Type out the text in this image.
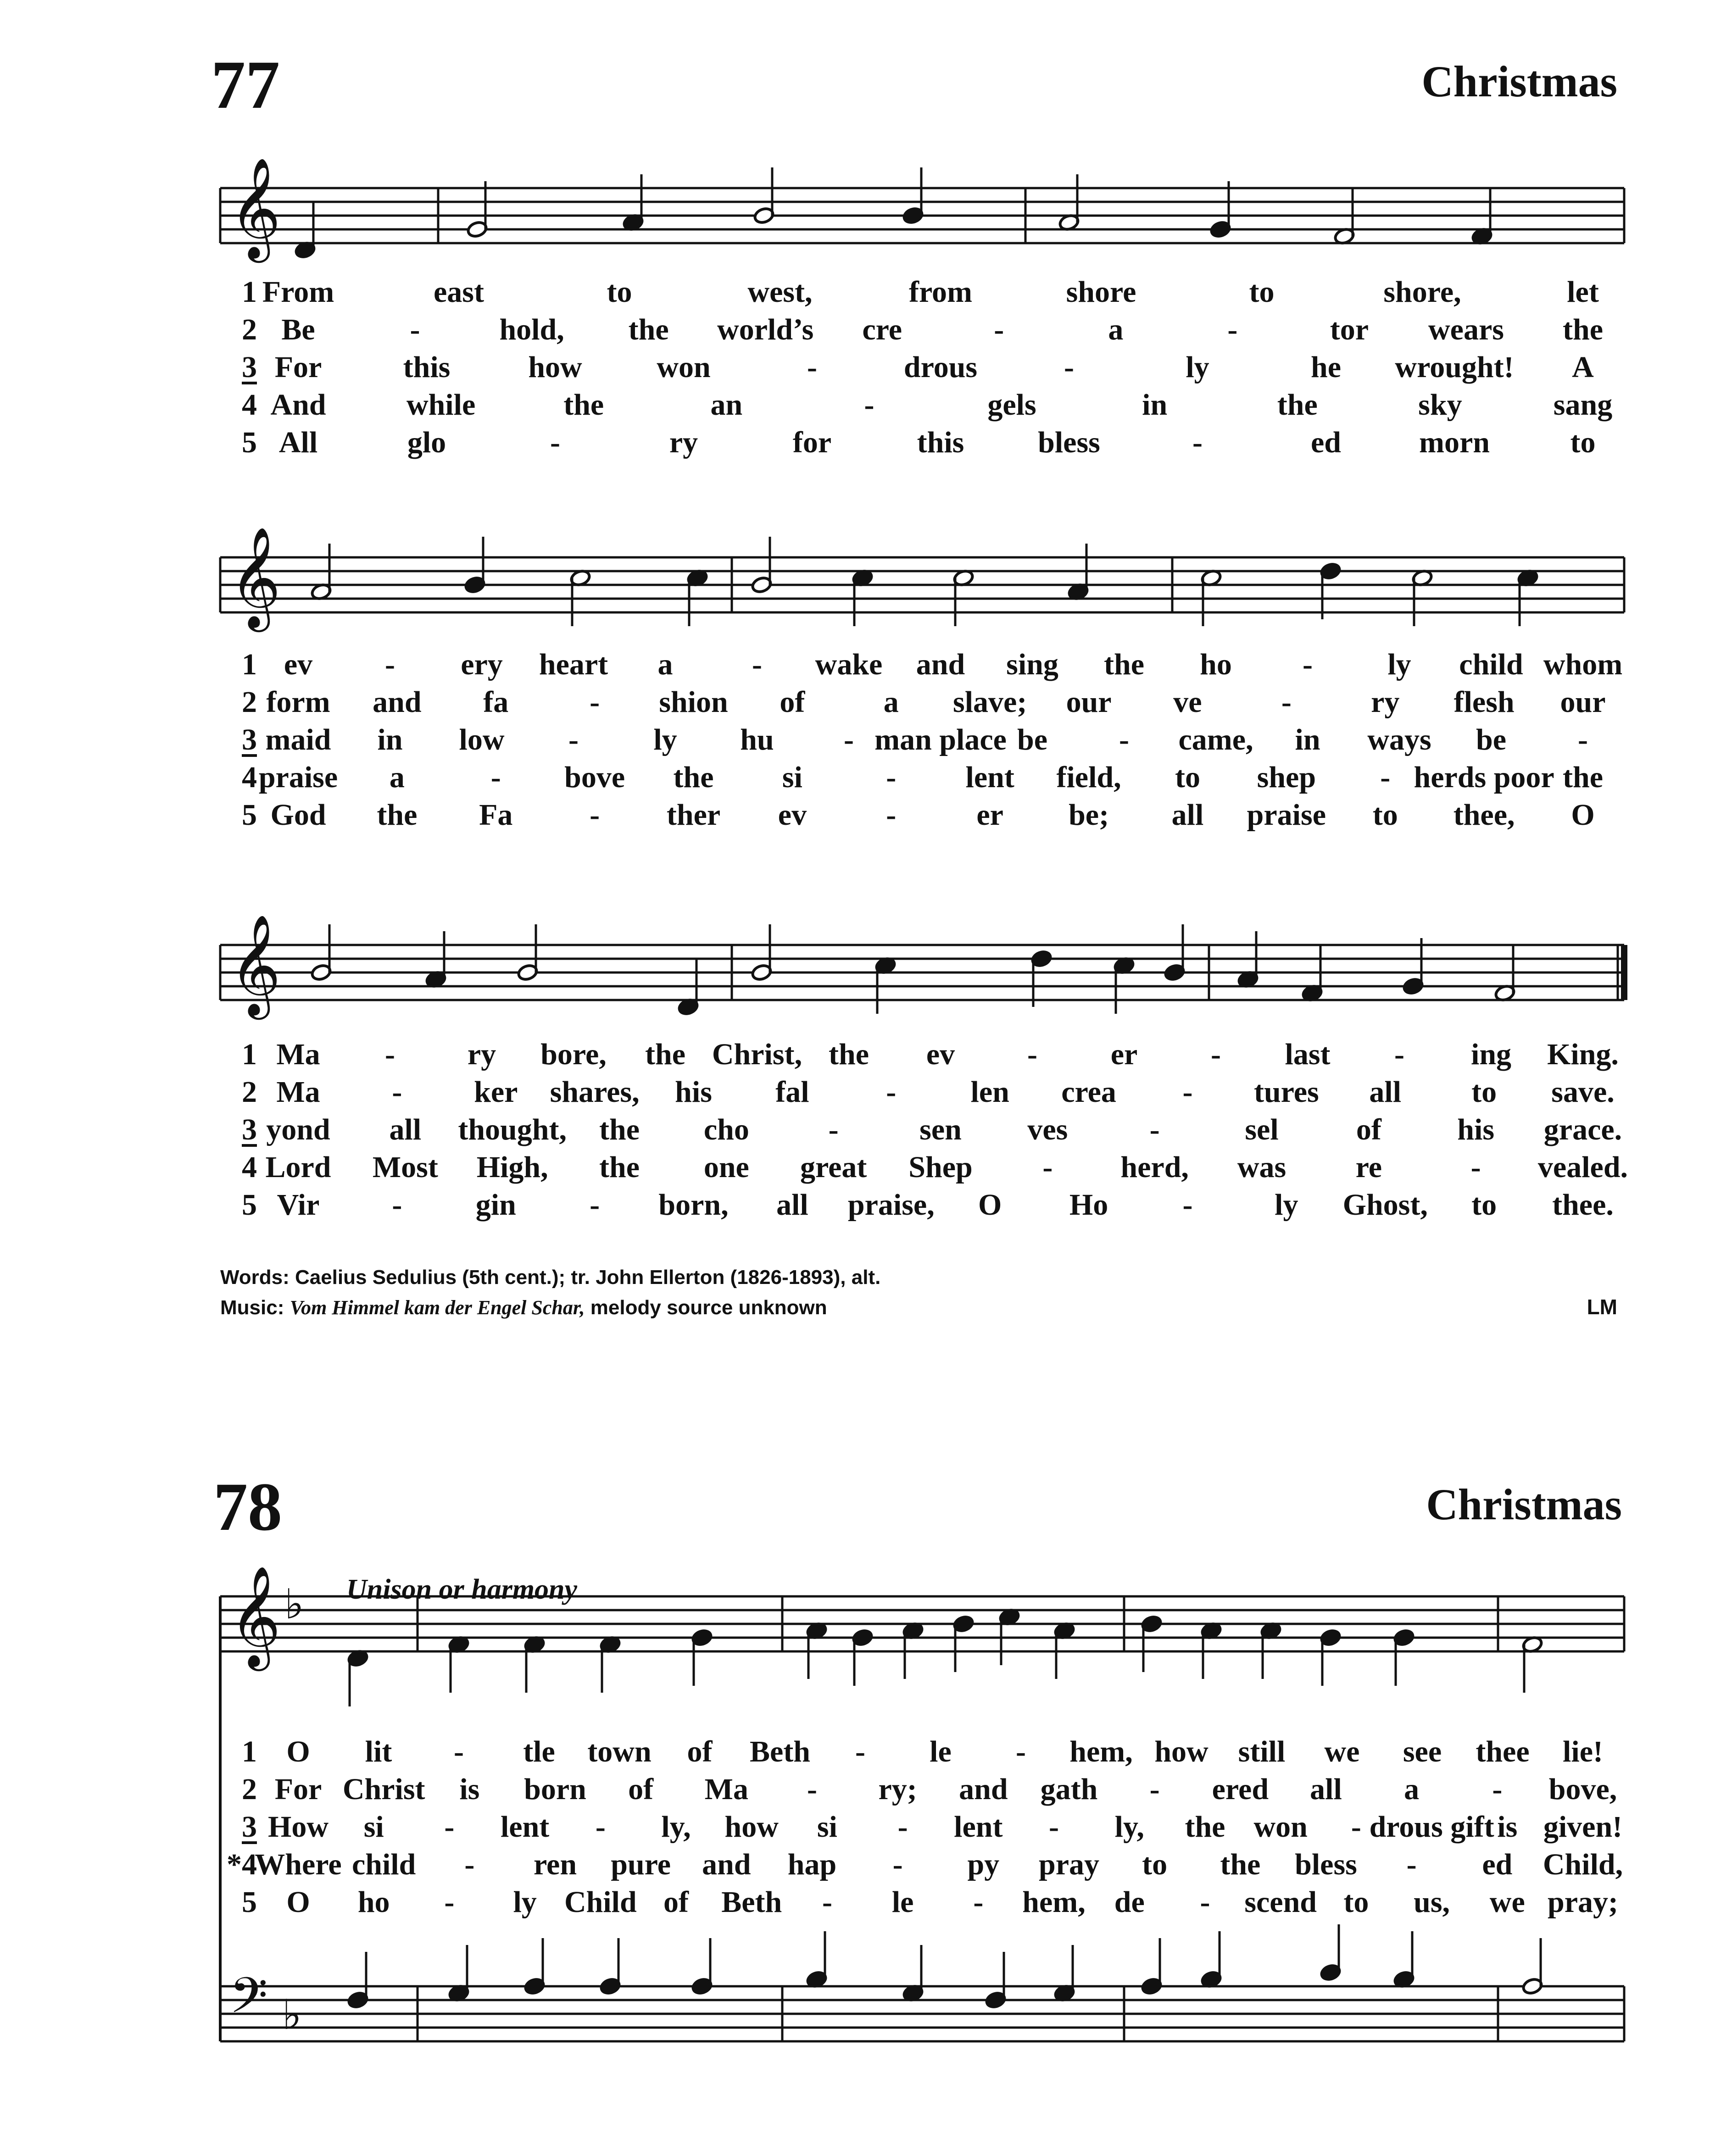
77	Christmas
𝄞
𝄞
𝄞
𝄞 ♭
𝄢 ♭
1 From	east	to	west,	from	shore	to	shore,	let
2 Be	-	hold, the world’s cre	-	a	-	tor wears the
3 For	this	how won	-	drous	-	ly	he wrought! A
4 And	while	the	an	-	gels	in	the	sky	sang
5 All	glo	-	ry	for	this bless	-	ed	morn	to
1 ev - ery heart a	- wake and sing the ho - ly child whom
2 form and fa	- shion of	a slave; our ve	-	ry flesh our
3 maid in low - ly hu - man place be - came, in ways be -
4 praise a	- bove the si	- lent field, to shep - herds poor the
5 God the Fa	- ther ev	-	er be; all praise to thee, O
1 Ma - ry bore, the Christ, the ev - er - last - ing King.
2 Ma - ker shares, his fal	- len crea - tures all to save.
3 yond all thought, the cho	-	sen ves	-	sel	of	his grace.
4 Lord Most High, the one great Shep - herd, was re	- vealed.
5 Vir - gin - born, all praise, O Ho -	ly Ghost, to thee.
Words: Caelius Sedulius (5th cent.); tr. John Ellerton (1826-1893), alt.
Music: Vom Himmel kam der Engel Schar, melody source unknown	LM
78	Christmas
Unison or harmony
1 O lit - tle town of Beth - le - hem, how still we see thee lie!
2 For Christ is born of Ma - ry; and gath - ered all a - bove,
3 How si - lent - ly, how si - lent - ly, the won - drous gift is given!
*4
Where child - ren pure and hap - py pray to the bless - ed Child,
5 O ho - ly Child of Beth - le - hem, de - scend to us, we pray;
